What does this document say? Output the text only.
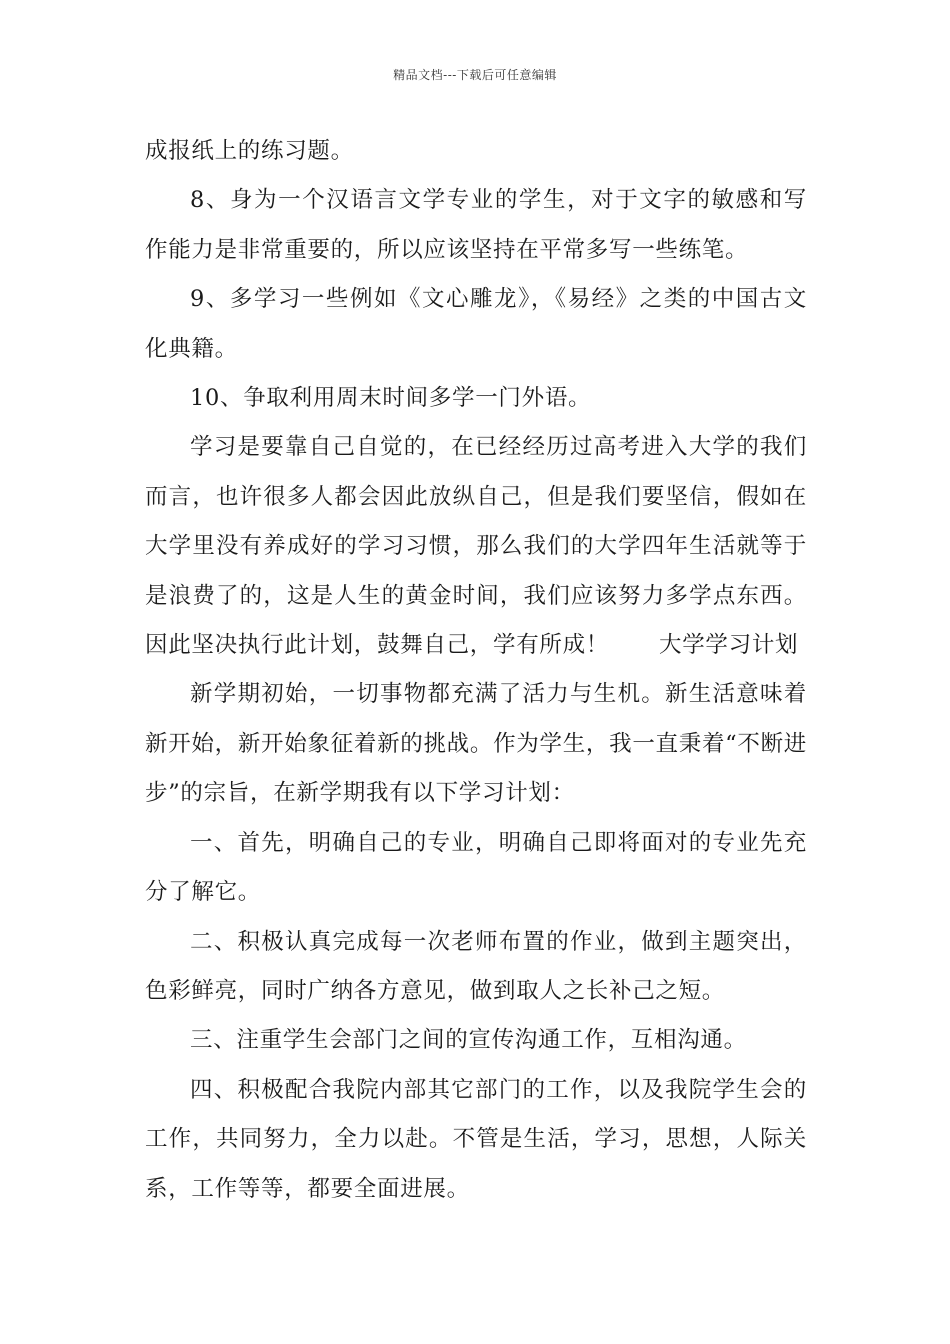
精品文档---下载后可任意编辑

成报纸上的练习题。

8、身为一个汉语言文学专业的学生，对于文字的敏感和写作能力是非常重要的，所以应该坚持在平常多写一些练笔。

9、多学习一些例如《文心雕龙》，《易经》之类的中国古文化典籍。

10、争取利用周末时间多学一门外语。

学习是要靠自己自觉的，在已经经历过高考进入大学的我们而言，也许很多人都会因此放纵自己，但是我们要坚信，假如在大学里没有养成好的学习习惯，那么我们的大学四年生活就等于是浪费了的，这是人生的黄金时间，我们应该努力多学点东西。因此坚决执行此计划，鼓舞自己，学有所成！ 大学学习计划

新学期初始，一切事物都充满了活力与生机。新生活意味着新开始，新开始象征着新的挑战。作为学生，我一直秉着“不断进步”的宗旨，在新学期我有以下学习计划：

一、首先，明确自己的专业，明确自己即将面对的专业先充分了解它。

二、积极认真完成每一次老师布置的作业，做到主题突出，色彩鲜亮，同时广纳各方意见，做到取人之长补己之短。

三、注重学生会部门之间的宣传沟通工作，互相沟通。

四、积极配合我院内部其它部门的工作，以及我院学生会的工作，共同努力，全力以赴。不管是生活，学习，思想，人际关系，工作等等，都要全面进展。
